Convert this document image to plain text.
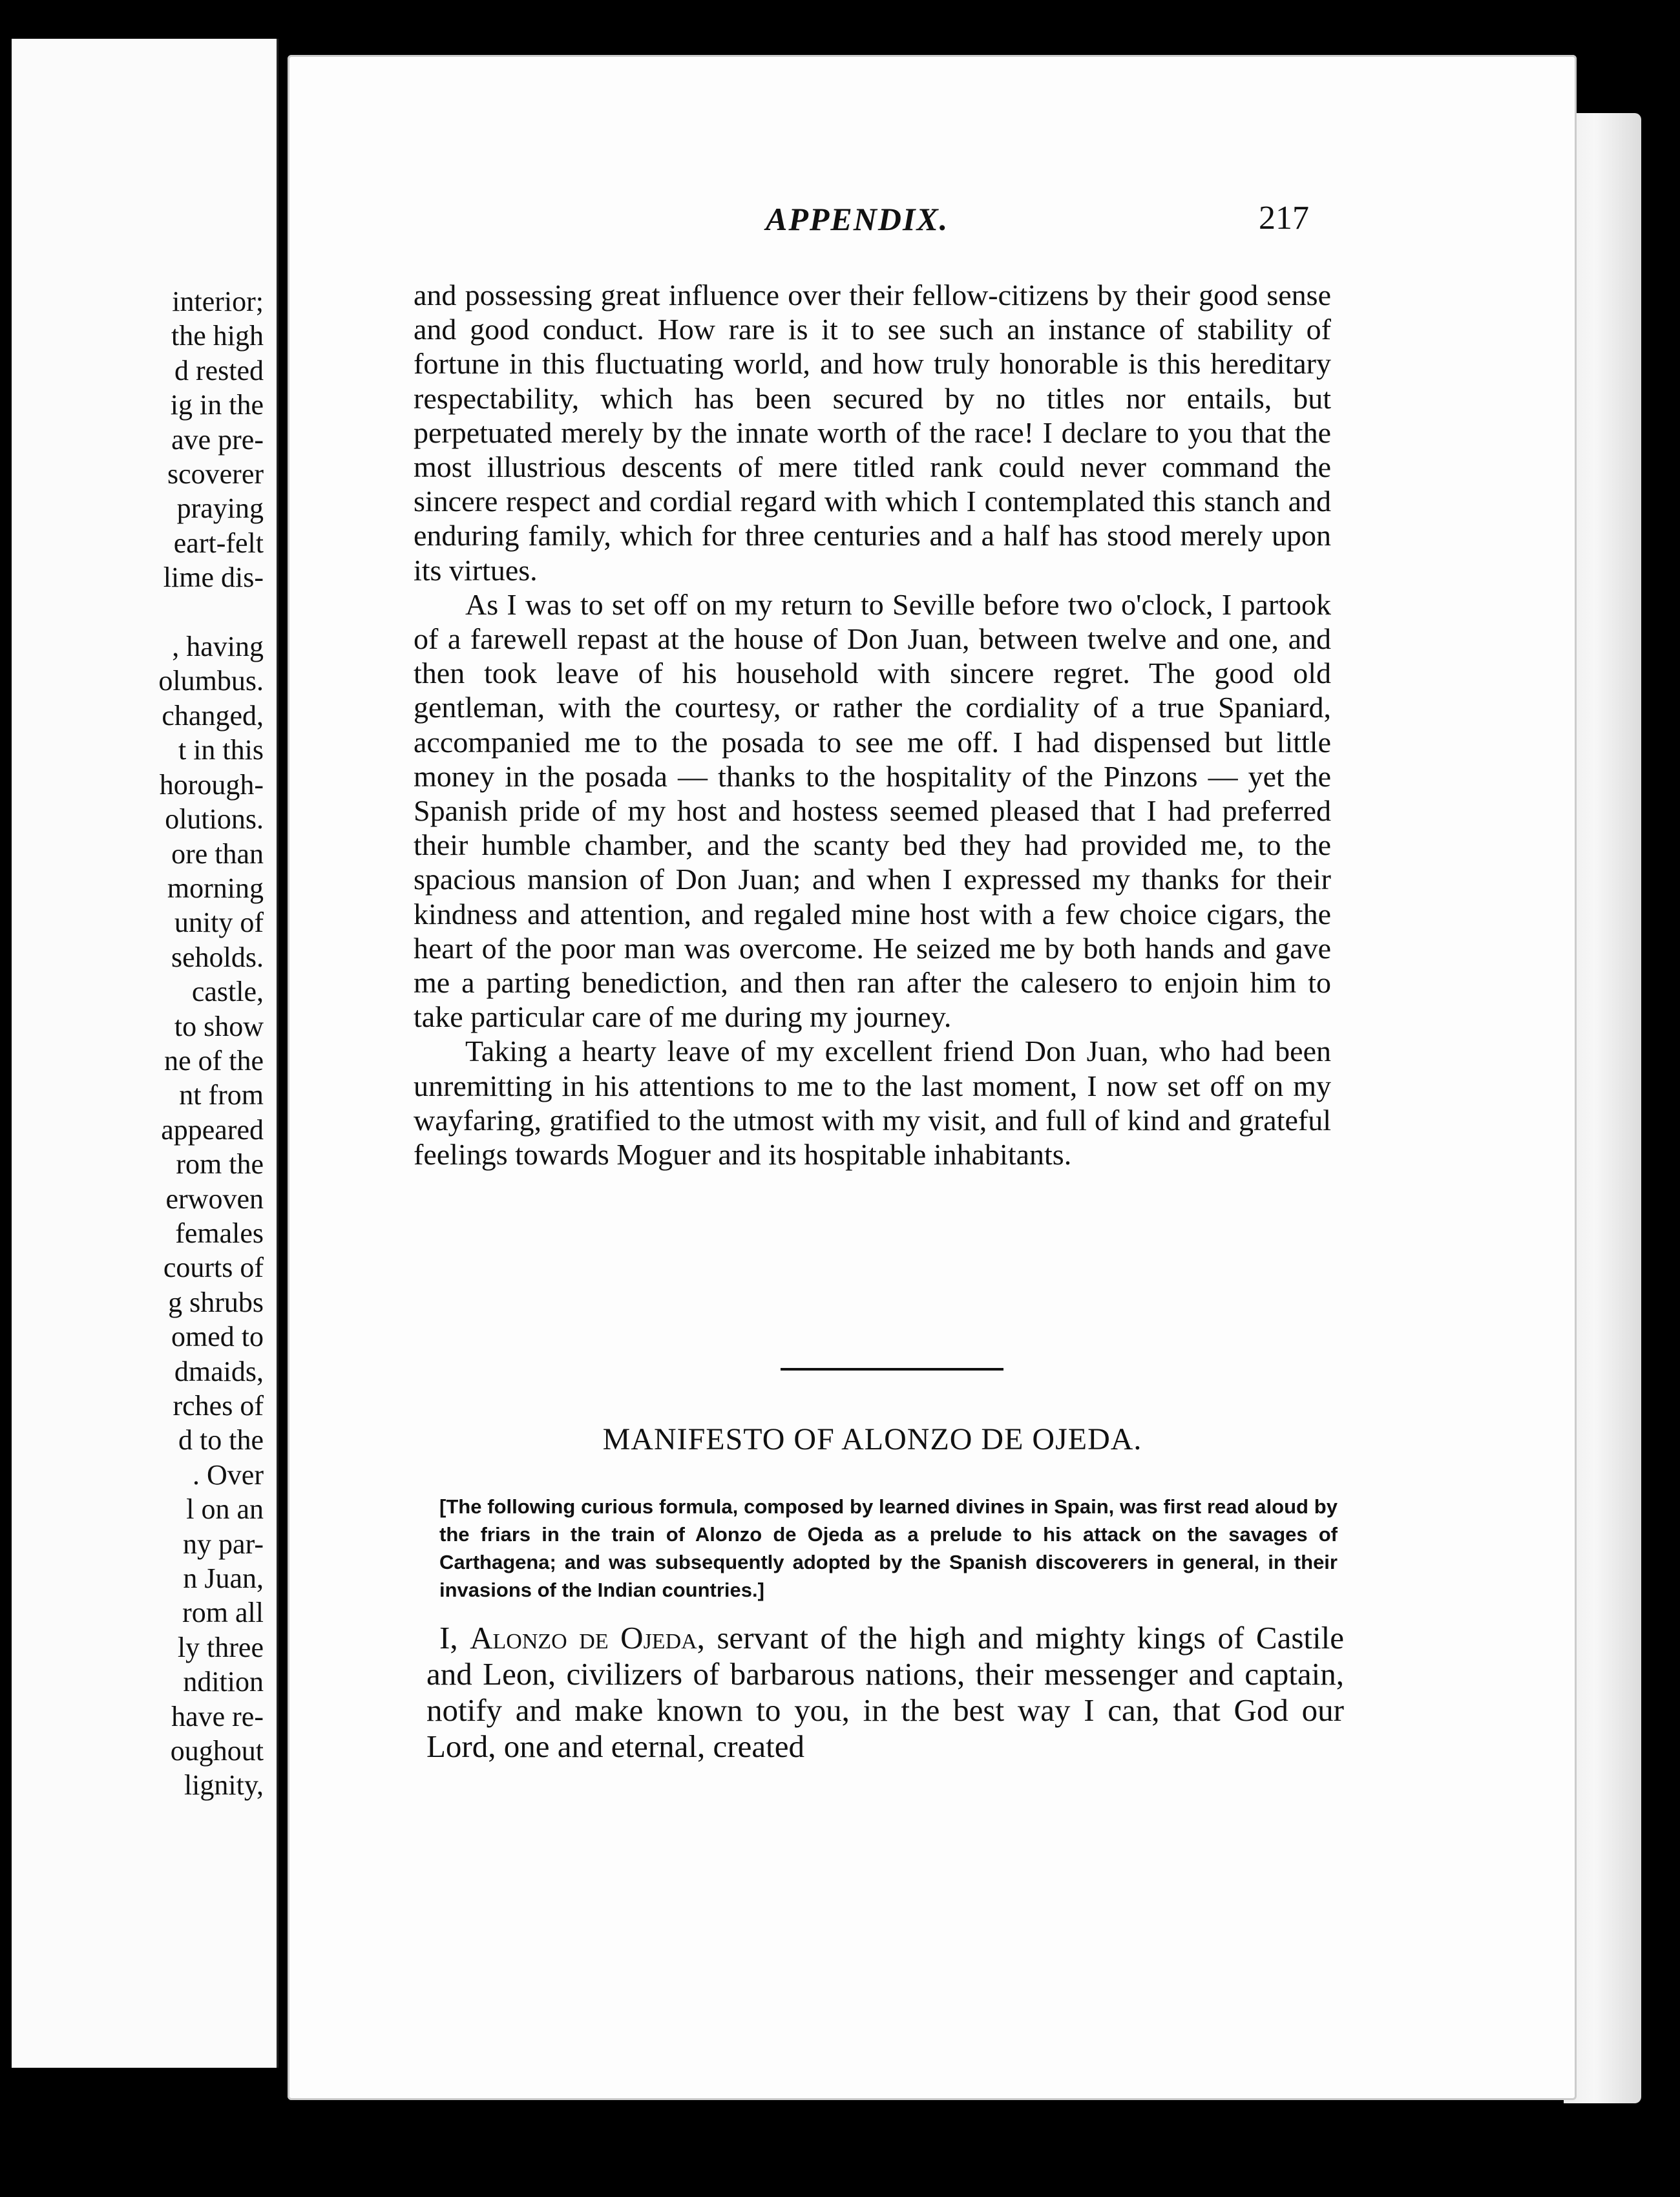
interior;
the high
d rested
ig in the
ave pre-
scoverer
praying
eart-felt
lime dis-

, having
olumbus.
changed,
t in this
horough-
olutions.
ore than
morning
unity of
seholds.
castle,
to show
ne of the
nt from
appeared
rom the
erwoven
females
courts of
g shrubs
omed to
dmaids,
rches of
d to the
. Over
l on an
ny par-
n Juan,
rom all
ly three
ndition
have re-
oughout
lignity,
APPENDIX.	217

and possessing great influence over their fellow-citizens by their good sense and good conduct. How rare is it to see such an instance of stability of fortune in this fluctuating world, and how truly honorable is this hereditary respectability, which has been secured by no titles nor entails, but perpetuated merely by the innate worth of the race! I declare to you that the most illustrious descents of mere titled rank could never command the sincere respect and cordial regard with which I contemplated this stanch and enduring family, which for three centuries and a half has stood merely upon its virtues.

As I was to set off on my return to Seville before two o'clock, I partook of a farewell repast at the house of Don Juan, between twelve and one, and then took leave of his household with sincere regret. The good old gentleman, with the courtesy, or rather the cordiality of a true Spaniard, accompanied me to the posada to see me off. I had dispensed but little money in the posada — thanks to the hospitality of the Pinzons — yet the Spanish pride of my host and hostess seemed pleased that I had preferred their humble chamber, and the scanty bed they had provided me, to the spacious mansion of Don Juan; and when I expressed my thanks for their kindness and attention, and regaled mine host with a few choice cigars, the heart of the poor man was overcome. He seized me by both hands and gave me a parting benediction, and then ran after the calesero to enjoin him to take particular care of me during my journey.

Taking a hearty leave of my excellent friend Don Juan, who had been unremitting in his attentions to me to the last moment, I now set off on my wayfaring, gratified to the utmost with my visit, and full of kind and grateful feelings towards Moguer and its hospitable inhabitants.

MANIFESTO OF ALONZO DE OJEDA.
[The following curious formula, composed by learned divines in Spain, was first read aloud by the friars in the train of Alonzo de Ojeda as a prelude to his attack on the savages of Carthagena; and was subsequently adopted by the Spanish discoverers in general, in their invasions of the Indian countries.]

I, Alonzo de Ojeda, servant of the high and mighty kings of Castile and Leon, civilizers of barbarous nations, their messenger and captain, notify and make known to you, in the best way I can, that God our Lord, one and eternal, created
